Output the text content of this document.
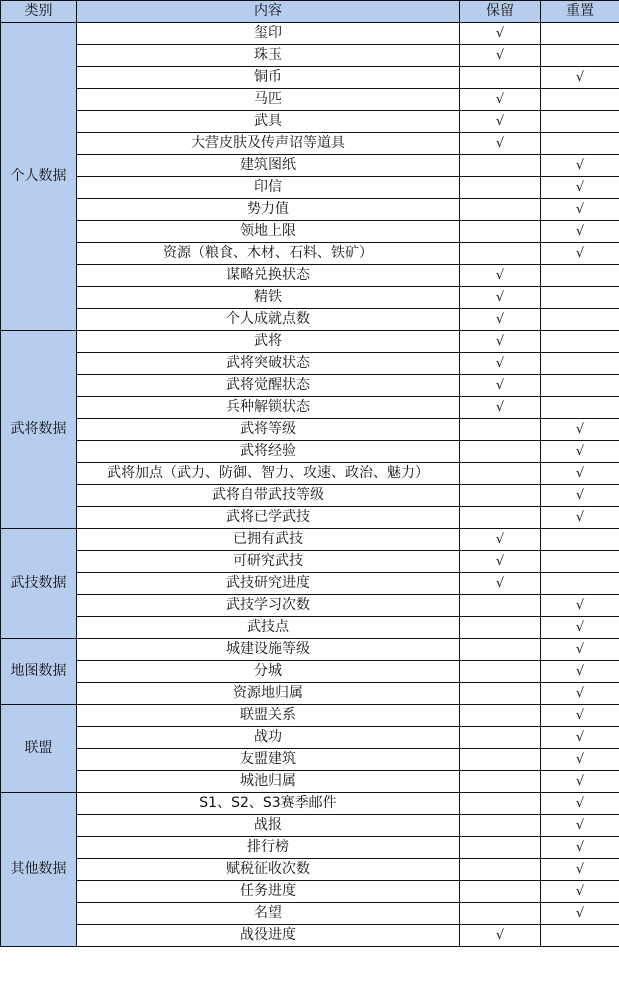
类别	内容	保留	重置
个人数据	玺印	√	
	珠玉	√	
	铜币		√
	马匹	√	
	武具	√	
	大营皮肤及传声诏等道具	√	
	建筑图纸		√
	印信		√
	势力值		√
	领地上限		√
	资源（粮食、木材、石料、铁矿）		√
	谋略兑换状态	√	
	精铁	√	
	个人成就点数	√	
武将数据	武将	√	
	武将突破状态	√	
	武将觉醒状态	√	
	兵种解锁状态	√	
	武将等级		√
	武将经验		√
	武将加点（武力、防御、智力、攻速、政治、魅力）		√
	武将自带武技等级		√
	武将已学武技		√
武技数据	已拥有武技	√	
	可研究武技	√	
	武技研究进度	√	
	武技学习次数		√
	武技点		√
地图数据	城建设施等级		√
	分城		√
	资源地归属		√
联盟	联盟关系		√
	战功		√
	友盟建筑		√
	城池归属		√
其他数据	S1、S2、S3赛季邮件		√
	战报		√
	排行榜		√
	赋税征收次数		√
	任务进度		√
	名望		√
	战役进度	√	
